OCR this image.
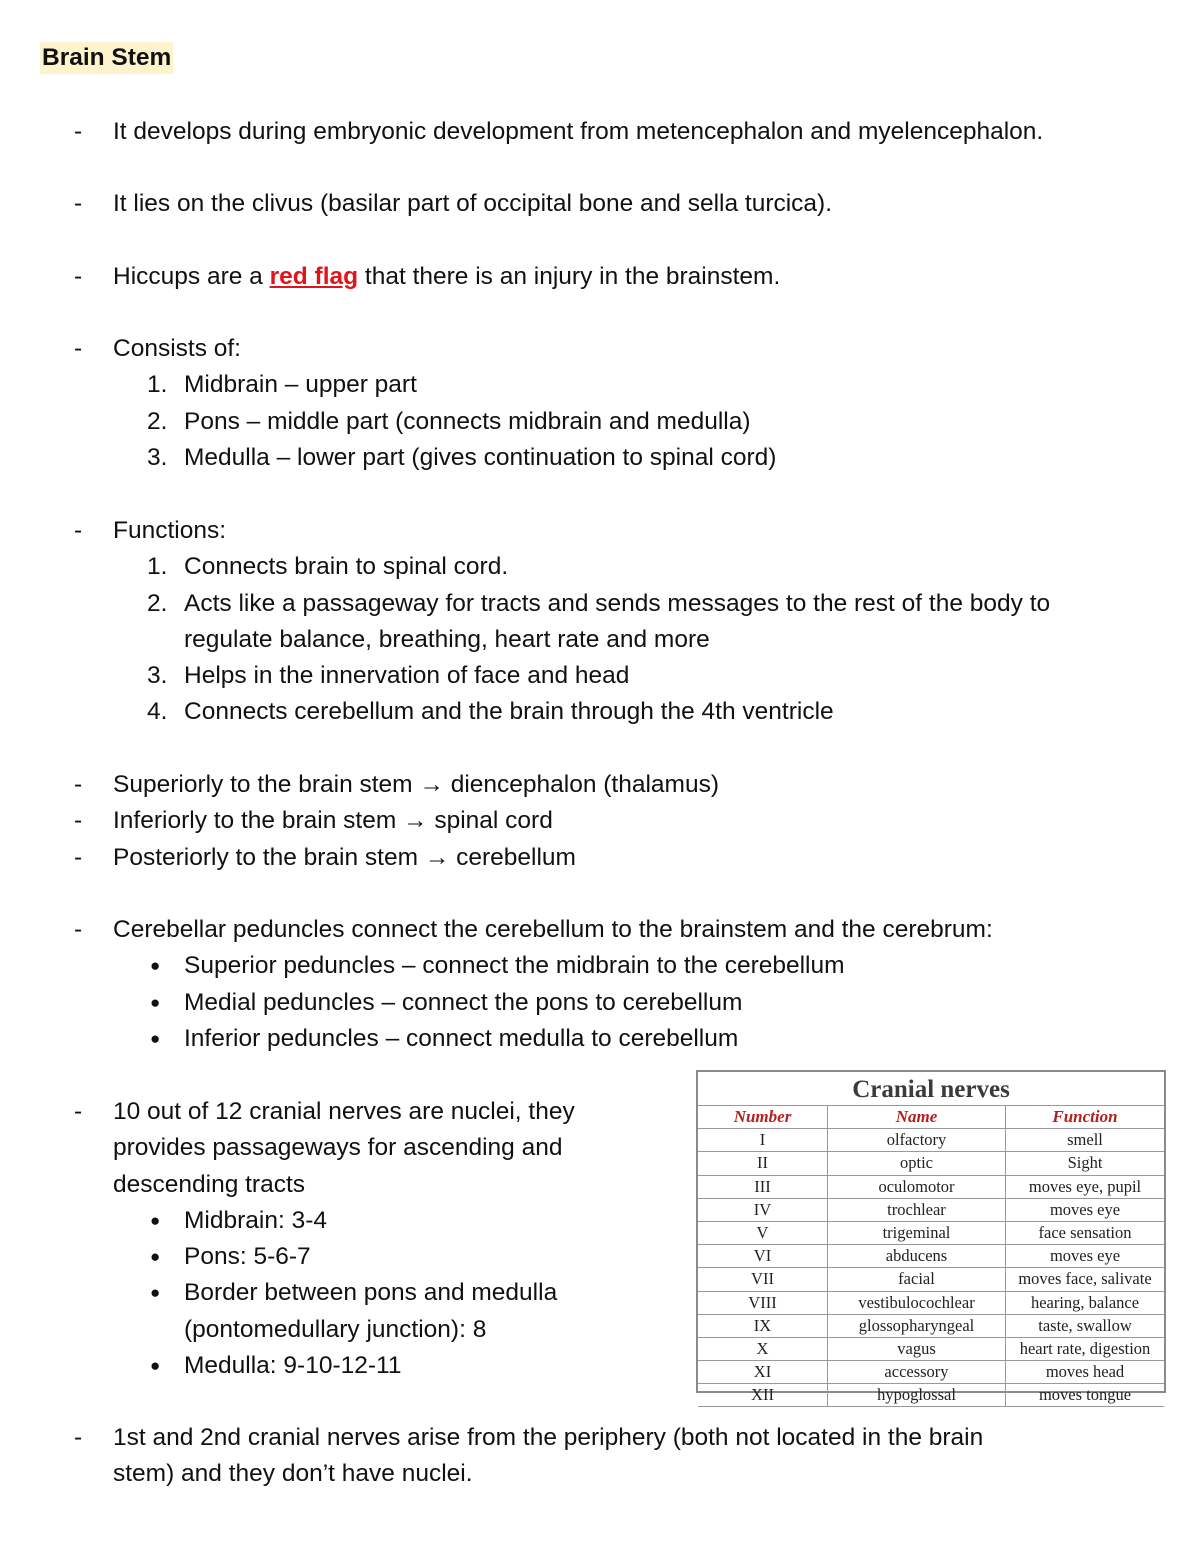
Brain Stem
- It develops during embryonic development from metencephalon and myelencephalon.
- It lies on the clivus (basilar part of occipital bone and sella turcica).
- Hiccups are a red flag that there is an injury in the brainstem.
- Consists of:
1. Midbrain – upper part
2. Pons – middle part (connects midbrain and medulla)
3. Medulla – lower part (gives continuation to spinal cord)
- Functions:
1. Connects brain to spinal cord.
2. Acts like a passageway for tracts and sends messages to the rest of the body to
regulate balance, breathing, heart rate and more
3. Helps in the innervation of face and head
4. Connects cerebellum and the brain through the 4th ventricle
- Superiorly to the brain stem → diencephalon (thalamus)
- Inferiorly to the brain stem → spinal cord
- Posteriorly to the brain stem → cerebellum
- Cerebellar peduncles connect the cerebellum to the brainstem and the cerebrum:
● Superior peduncles – connect the midbrain to the cerebellum
● Medial peduncles – connect the pons to cerebellum
● Inferior peduncles – connect medulla to cerebellum
- 10 out of 12 cranial nerves are nuclei, they
provides passageways for ascending and
descending tracts
● Midbrain: 3-4
● Pons: 5-6-7
● Border between pons and medulla
(pontomedullary junction): 8
● Medulla: 9-10-12-11
- 1st and 2nd cranial nerves arise from the periphery (both not located in the brain
stem) and they don’t have nuclei.
Cranial nerves
Number	Name	Function
I	olfactory	smell
II	optic	Sight
III	oculomotor	moves eye, pupil
IV	trochlear	moves eye
V	trigeminal	face sensation
VI	abducens	moves eye
VII	facial	moves face, salivate
VIII	vestibulocochlear	hearing, balance
IX	glossopharyngeal	taste, swallow
X	vagus	heart rate, digestion
XI	accessory	moves head
XII	hypoglossal	moves tongue
